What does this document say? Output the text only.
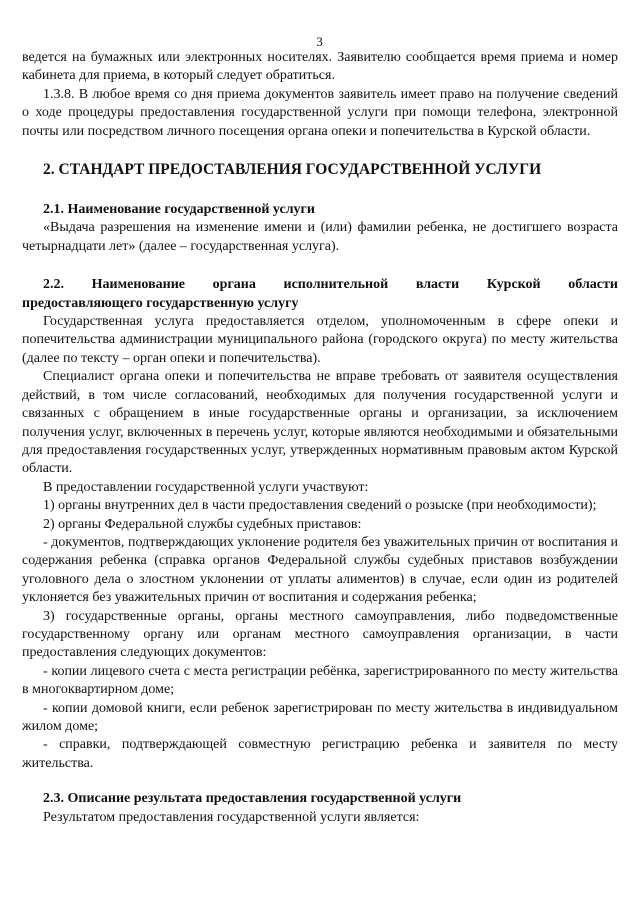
3

ведется на бумажных или электронных носителях. Заявителю сообщается время приема и номер кабинета для приема, в который следует обратиться.

1.3.8. В любое время со дня приема документов заявитель имеет право на получение сведений о ходе процедуры предоставления государственной услуги при помощи телефона, электронной почты или посредством личного посещения органа опеки и попечительства в Курской области.

2. СТАНДАРТ ПРЕДОСТАВЛЕНИЯ ГОСУДАРСТВЕННОЙ УСЛУГИ

2.1. Наименование государственной услуги

«Выдача разрешения на изменение имени и (или) фамилии ребенка, не достигшего возраста четырнадцати лет» (далее – государственная услуга).

2.2. Наименование органа исполнительной власти Курской области

предоставляющего государственную услугу

Государственная услуга предоставляется отделом, уполномоченным в сфере опеки и попечительства администрации муниципального района (городского округа) по месту жительства (далее по тексту – орган опеки и попечительства).

Специалист органа опеки и попечительства не вправе требовать от заявителя осуществления действий, в том числе согласований, необходимых для получения государственной услуги и связанных с обращением в иные государственные органы и организации, за исключением получения услуг, включенных в перечень услуг, которые являются необходимыми и обязательными для предоставления государственных услуг, утвержденных нормативным правовым актом Курской области.

В предоставлении государственной услуги участвуют:

1) органы внутренних дел в части предоставления сведений о розыске (при необходимости);

2) органы Федеральной службы судебных приставов:

- документов, подтверждающих уклонение родителя без уважительных причин от воспитания и содержания ребенка (справка органов Федеральной службы судебных приставов возбуждении уголовного дела о злостном уклонении от уплаты алиментов) в случае, если один из родителей уклоняется без уважительных причин от воспитания и содержания ребенка;

3) государственные органы, органы местного самоуправления, либо подведомственные государственному органу или органам местного самоуправления организации, в части предоставления следующих документов:

- копии лицевого счета с места регистрации ребёнка, зарегистрированного по месту жительства в многоквартирном доме;

- копии домовой книги, если ребенок зарегистрирован по месту жительства в индивидуальном жилом доме;

- справки, подтверждающей совместную регистрацию ребенка и заявителя по месту жительства.

2.3. Описание результата предоставления государственной услуги

Результатом предоставления государственной услуги является:
